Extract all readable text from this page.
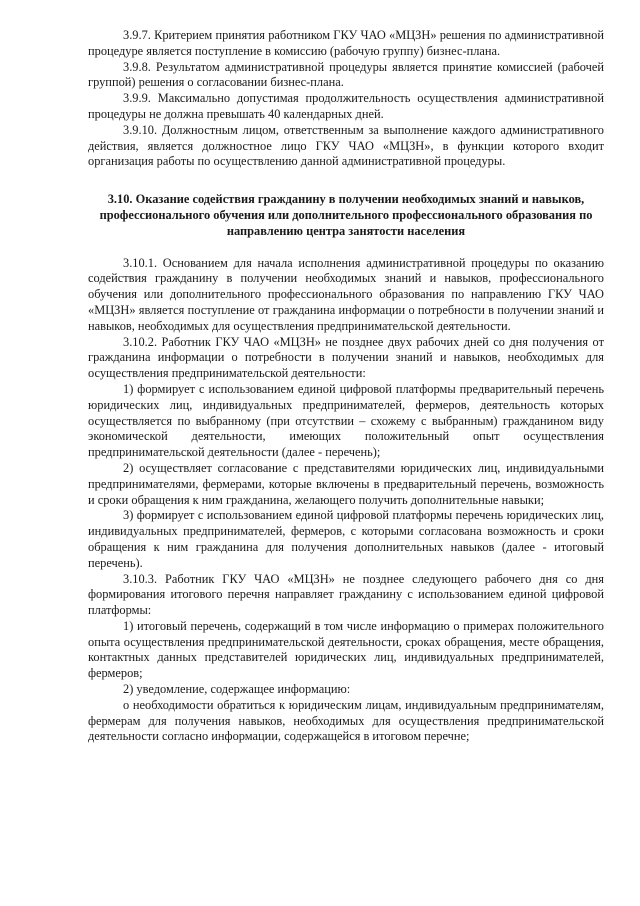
3.9.7. Критерием принятия работником ГКУ ЧАО «МЦЗН» решения по административной процедуре является поступление в комиссию (рабочую группу) бизнес-плана.

3.9.8. Результатом административной процедуры является принятие комиссией (рабочей группой) решения о согласовании бизнес-плана.

3.9.9. Максимально допустимая продолжительность осуществления административной процедуры не должна превышать 40 календарных дней.

3.9.10. Должностным лицом, ответственным за выполнение каждого административного действия, является должностное лицо ГКУ ЧАО «МЦЗН», в функции которого входит организация работы по осуществлению данной административной процедуры.

3.10. Оказание содействия гражданину в получении необходимых знаний и навыков, профессионального обучения или дополнительного профессионального образования по направлению центра занятости населения

3.10.1. Основанием для начала исполнения административной процедуры по оказанию содействия гражданину в получении необходимых знаний и навыков, профессионального обучения или дополнительного профессионального образования по направлению ГКУ ЧАО «МЦЗН» является поступление от гражданина информации о потребности в получении знаний и навыков, необходимых для осуществления предпринимательской деятельности.

3.10.2. Работник ГКУ ЧАО «МЦЗН» не позднее двух рабочих дней со дня получения от гражданина информации о потребности в получении знаний и навыков, необходимых для осуществления предпринимательской деятельности:

1) формирует с использованием единой цифровой платформы предварительный перечень юридических лиц, индивидуальных предпринимателей, фермеров, деятельность которых осуществляется по выбранному (при отсутствии – схожему с выбранным) гражданином виду экономической деятельности, имеющих положительный опыт осуществления предпринимательской деятельности (далее - перечень);

2) осуществляет согласование с представителями юридических лиц, индивидуальными предпринимателями, фермерами, которые включены в предварительный перечень, возможность и сроки обращения к ним гражданина, желающего получить дополнительные навыки;

3) формирует с использованием единой цифровой платформы перечень юридических лиц, индивидуальных предпринимателей, фермеров, с которыми согласована возможность и сроки обращения к ним гражданина для получения дополнительных навыков (далее - итоговый перечень).

3.10.3. Работник ГКУ ЧАО «МЦЗН» не позднее следующего рабочего дня со дня формирования итогового перечня направляет гражданину с использованием единой цифровой платформы:

1) итоговый перечень, содержащий в том числе информацию о примерах положительного опыта осуществления предпринимательской деятельности, сроках обращения, месте обращения, контактных данных представителей юридических лиц, индивидуальных предпринимателей, фермеров;

2) уведомление, содержащее информацию:

о необходимости обратиться к юридическим лицам, индивидуальным предпринимателям, фермерам для получения навыков, необходимых для осуществления предпринимательской деятельности согласно информации, содержащейся в итоговом перечне;
